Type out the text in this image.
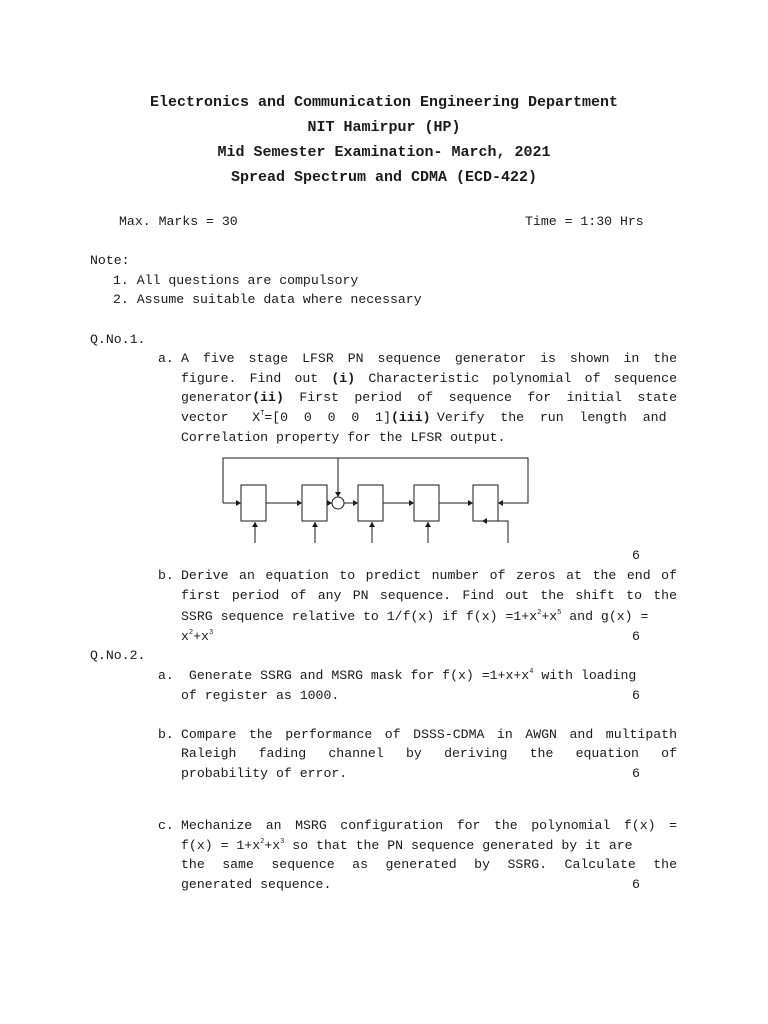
Electronics and Communication Engineering Department
NIT Hamirpur (HP)
Mid Semester Examination- March, 2021
Spread Spectrum and CDMA (ECD-422)
Max. Marks = 30	Time = 1:30 Hrs
Note:
1. All questions are compulsory
2. Assume suitable data where necessary
Q.No.1.
a. A five stage LFSR PN sequence generator is shown in the
figure. Find out (i) Characteristic polynomial of sequence
generator(ii) First period of sequence for initial state
vector $X^T=[0$  0  0  0  1](iii) Verify  the  run  length  and
Correlation property for the LFSR output.
6
b. Derive an equation to predict number of zeros at the end of
first period of any PN sequence. Find out the shift to the
SSRG sequence relative to 1/f(x) if $f(x) =1+x^2+x^5$ and g(x) =
$x^2+x^3$	6
Q.No.2.
a. Generate SSRG and MSRG mask for $f(x) =1+x+x^4$ with loading
of register as 1000.	6
b. Compare the performance of DSSS-CDMA in AWGN and multipath
Raleigh fading channel by deriving the equation of
probability of error.	6
c. Mechanize an MSRG configuration for the polynomial f(x) =
$f(x) = 1+x^2+x^3$ so that the PN sequence generated by it are
the same sequence as generated by SSRG. Calculate the
generated sequence.	6
